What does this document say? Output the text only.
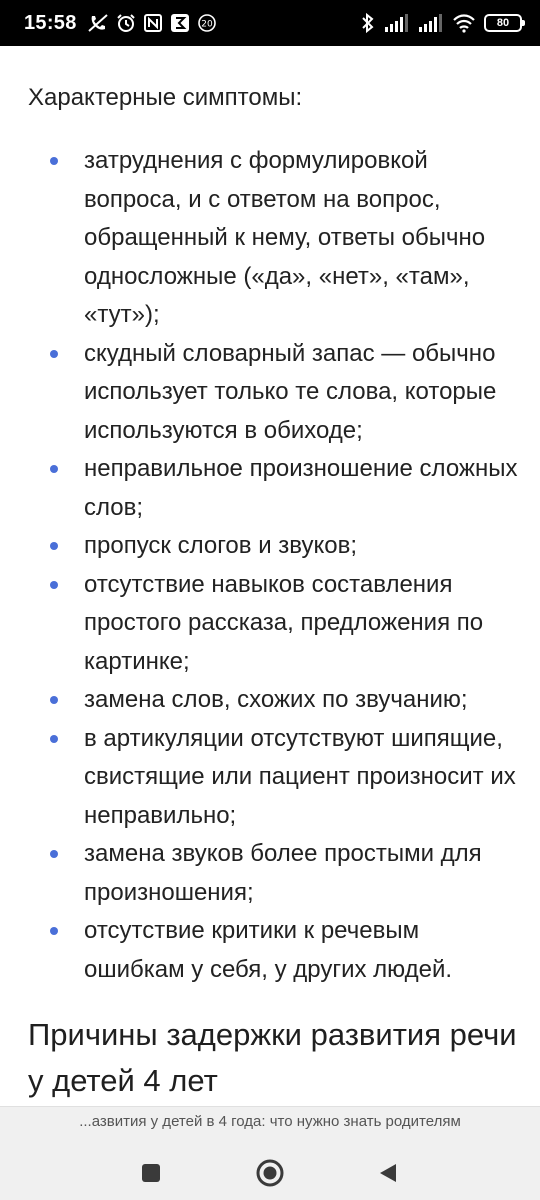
15:58	20	80

Характерные симптомы:

затруднения с формулировкой вопроса, и с ответом на вопрос, обращенный к нему, ответы обычно односложные («да», «нет», «там», «тут»);
скудный словарный запас — обычно использует только те слова, которые используются в обиходе;
неправильное произношение сложных слов;
пропуск слогов и звуков;
отсутствие навыков составления простого рассказа, предложения по картинке;
замена слов, схожих по звучанию;
в артикуляции отсутствуют шипящие, свистящие или пациент произносит их неправильно;
замена звуков более простыми для произношения;
отсутствие критики к речевым ошибкам у себя, у других людей.
Причины задержки развития речи у детей 4 лет
...азвития у детей в 4 года: что нужно знать родителям
